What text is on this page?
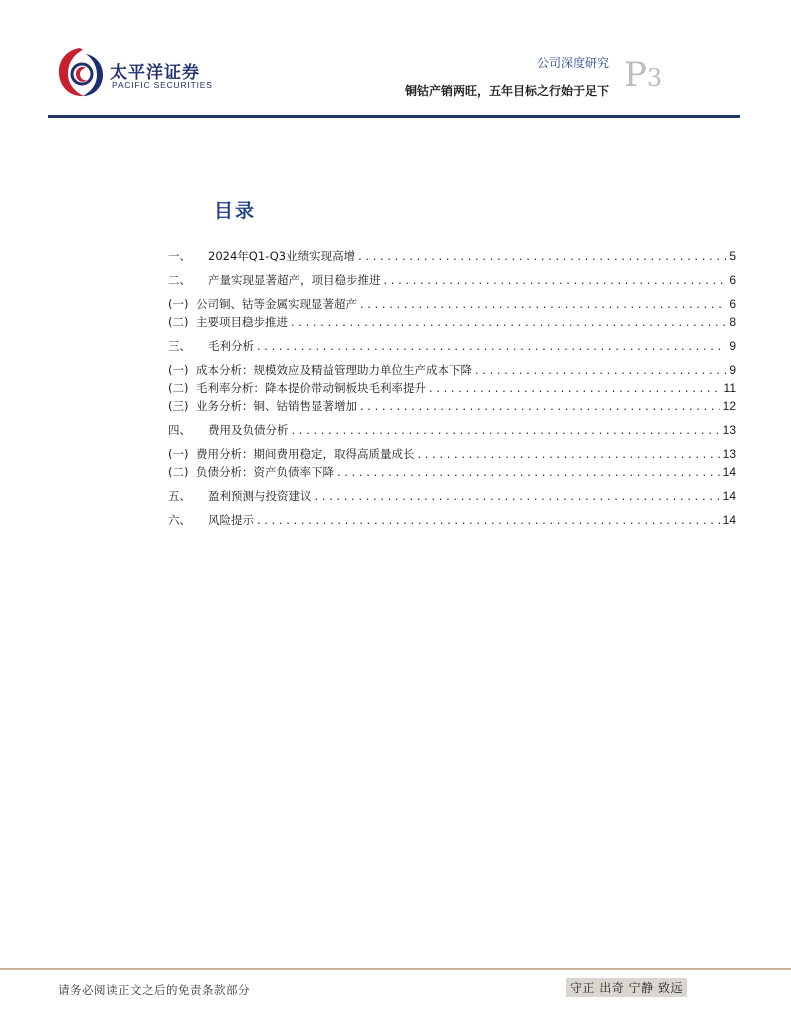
太平洋证券
PACIFIC SECURITIES
公司深度研究
铜钴产销两旺，五年目标之行始于足下 P3
目录
一、	2024年Q1-Q3业绩实现高增 . . .	5
二、	产量实现显著超产，项目稳步推进 . . .	6
(一) 公司铜、钴等金属实现显著超产 . . .	6
(二) 主要项目稳步推进 . . .	8
三、	毛利分析 . . .	9
(一) 成本分析：规模效应及精益管理助力单位生产成本下降 . . .	9
(二) 毛利率分析：降本提价带动铜板块毛利率提升 . . .	11
(三) 业务分析：铜、钴销售显著增加 . . .	12
四、	费用及负债分析 . . .	13
(一) 费用分析：期间费用稳定，取得高质量成长 . . .	13
(二) 负债分析：资产负债率下降 . . .	14
五、	盈利预测与投资建议 . . .	14
六、	风险提示 . . .	14
请务必阅读正文之后的免责条款部分	守正 出奇 宁静 致远
